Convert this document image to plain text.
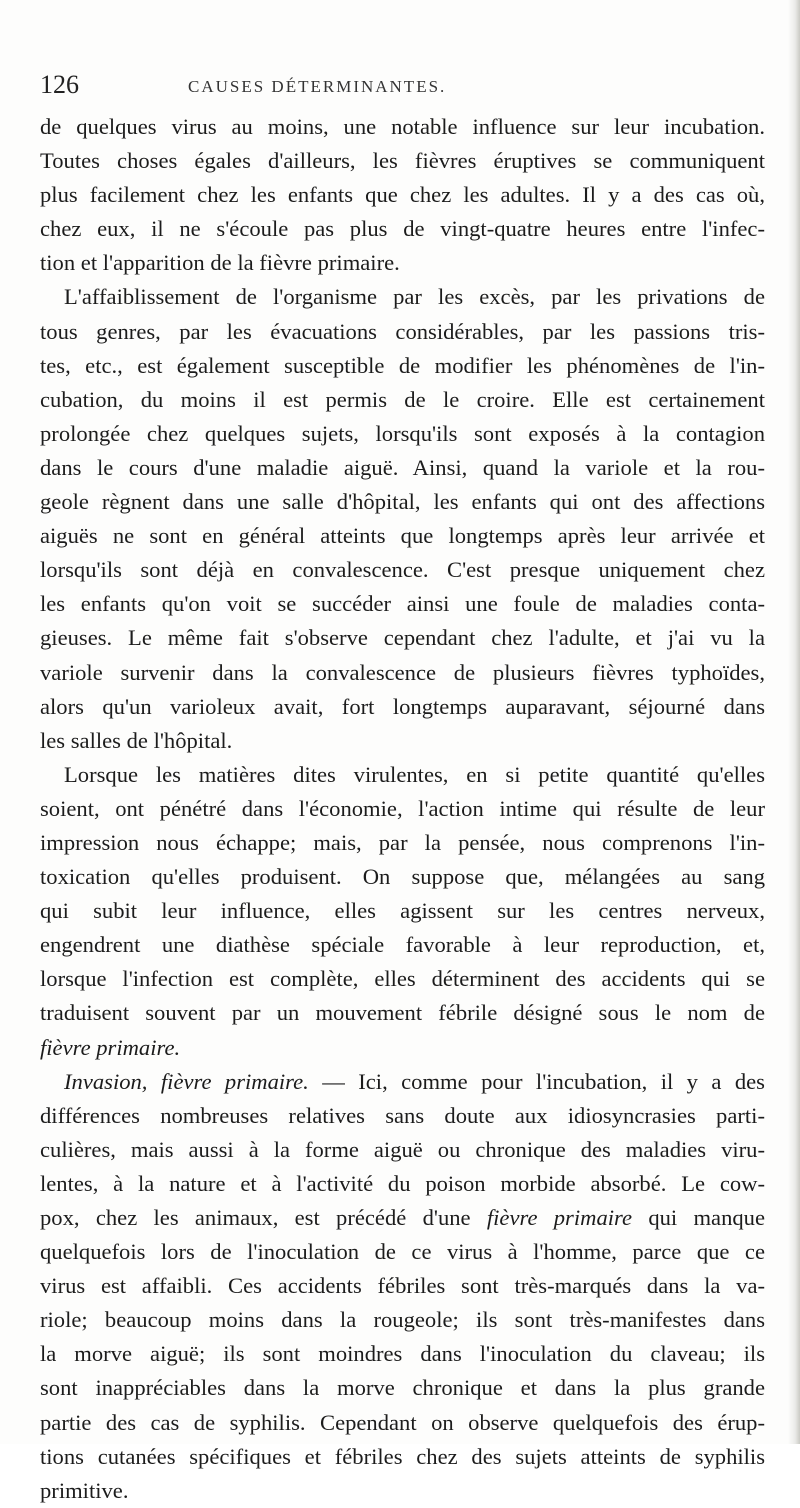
126	CAUSES DÉTERMINANTES.

de quelques virus au moins, une notable influence sur leur incubation.

Toutes choses égales d'ailleurs, les fièvres éruptives se communiquent

plus facilement chez les enfants que chez les adultes. Il y a des cas où,

chez eux, il ne s'écoule pas plus de vingt-quatre heures entre l'infec-

tion et l'apparition de la fièvre primaire.

L'affaiblissement de l'organisme par les excès, par les privations de

tous genres, par les évacuations considérables, par les passions tris-

tes, etc., est également susceptible de modifier les phénomènes de l'in-

cubation, du moins il est permis de le croire. Elle est certainement

prolongée chez quelques sujets, lorsqu'ils sont exposés à la contagion

dans le cours d'une maladie aiguë. Ainsi, quand la variole et la rou-

geole règnent dans une salle d'hôpital, les enfants qui ont des affections

aiguës ne sont en général atteints que longtemps après leur arrivée et

lorsqu'ils sont déjà en convalescence. C'est presque uniquement chez

les enfants qu'on voit se succéder ainsi une foule de maladies conta-

gieuses. Le même fait s'observe cependant chez l'adulte, et j'ai vu la

variole survenir dans la convalescence de plusieurs fièvres typhoïdes,

alors qu'un varioleux avait, fort longtemps auparavant, séjourné dans

les salles de l'hôpital.

Lorsque les matières dites virulentes, en si petite quantité qu'elles

soient, ont pénétré dans l'économie, l'action intime qui résulte de leur

impression nous échappe; mais, par la pensée, nous comprenons l'in-

toxication qu'elles produisent. On suppose que, mélangées au sang

qui subit leur influence, elles agissent sur les centres nerveux,

engendrent une diathèse spéciale favorable à leur reproduction, et,

lorsque l'infection est complète, elles déterminent des accidents qui se

traduisent souvent par un mouvement fébrile désigné sous le nom de

fièvre primaire.

Invasion, fièvre primaire. — Ici, comme pour l'incubation, il y a des

différences nombreuses relatives sans doute aux idiosyncrasies parti-

culières, mais aussi à la forme aiguë ou chronique des maladies viru-

lentes, à la nature et à l'activité du poison morbide absorbé. Le cow-

pox, chez les animaux, est précédé d'une fièvre primaire qui manque

quelquefois lors de l'inoculation de ce virus à l'homme, parce que ce

virus est affaibli. Ces accidents fébriles sont très-marqués dans la va-

riole; beaucoup moins dans la rougeole; ils sont très-manifestes dans

la morve aiguë; ils sont moindres dans l'inoculation du claveau; ils

sont inappréciables dans la morve chronique et dans la plus grande

partie des cas de syphilis. Cependant on observe quelquefois des érup-

tions cutanées spécifiques et fébriles chez des sujets atteints de syphilis

primitive.
